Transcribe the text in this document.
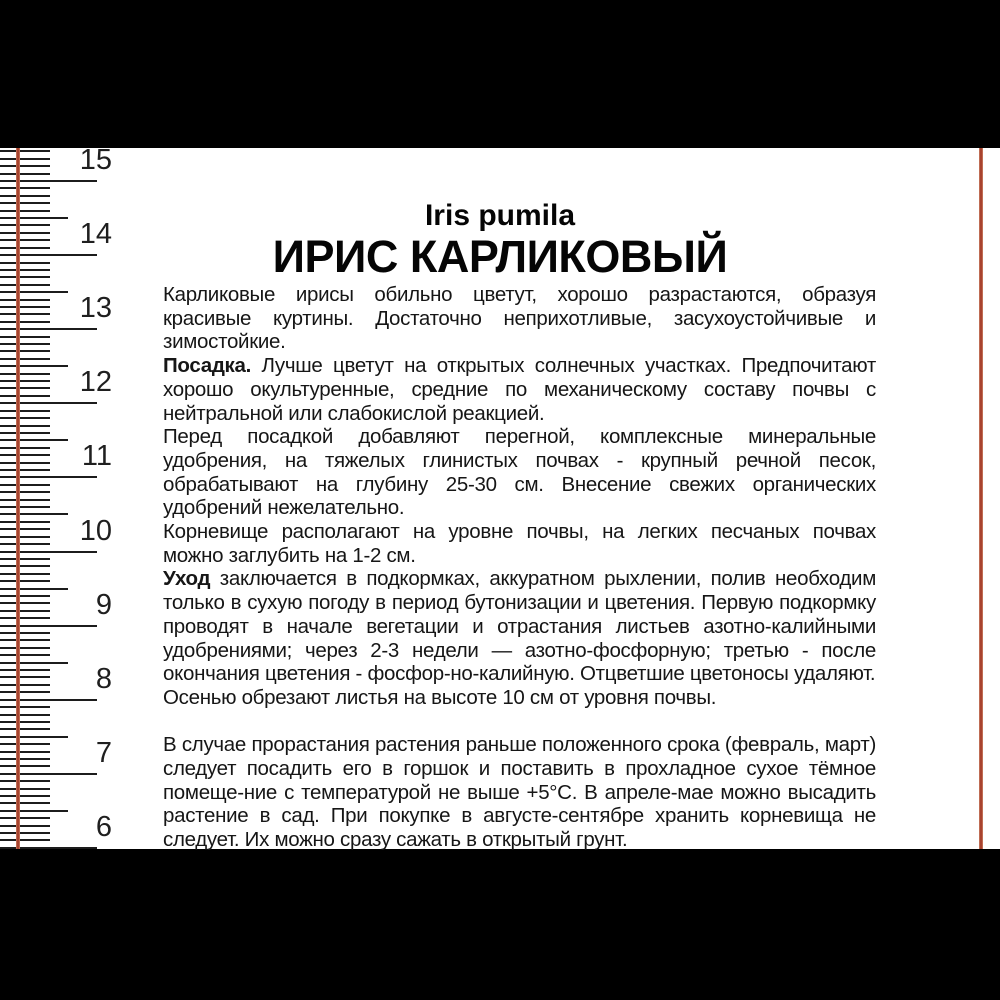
15
14
13
12
11
10
9
8
7
6
Iris pumila
ИРИС КАРЛИКОВЫЙ

Карликовые ирисы обильно цветут, хорошо разрастаются, образуя красивые куртины. Достаточно неприхотливые, засухоустойчивые и зимостойкие.

Посадка. Лучше цветут на открытых солнечных участках. Предпочитают хорошо окультуренные, средние по механическому составу почвы с нейтральной или слабокислой реакцией.

Перед посадкой добавляют перегной, комплексные минеральные удобрения, на тяжелых глинистых почвах - крупный речной песок, обрабатывают на глубину 25-30 см. Внесение свежих органических удобрений нежелательно.

Корневище располагают на уровне почвы, на легких песчаных почвах можно заглубить на 1-2 см.

Уход заключается в подкормках, аккуратном рыхлении, полив необходим только в сухую погоду в период бутонизации и цветения. Первую подкормку проводят в начале вегетации и отрастания листьев азотно-калийными удобрениями; через 2-3 недели — азотно-фосфорную; третью - после окончания цветения - фосфор-но-калийную. Отцветшие цветоносы удаляют.

Осенью обрезают листья на высоте 10 см от уровня почвы.

В случае прорастания растения раньше положенного срока (февраль, март) следует посадить его в горшок и поставить в прохладное сухое тёмное помеще-ние с температурой не выше +5°С. В апреле-мае можно высадить растение в сад. При покупке в августе-сентябре хранить корневища не следует. Их можно сразу сажать в открытый грунт.
